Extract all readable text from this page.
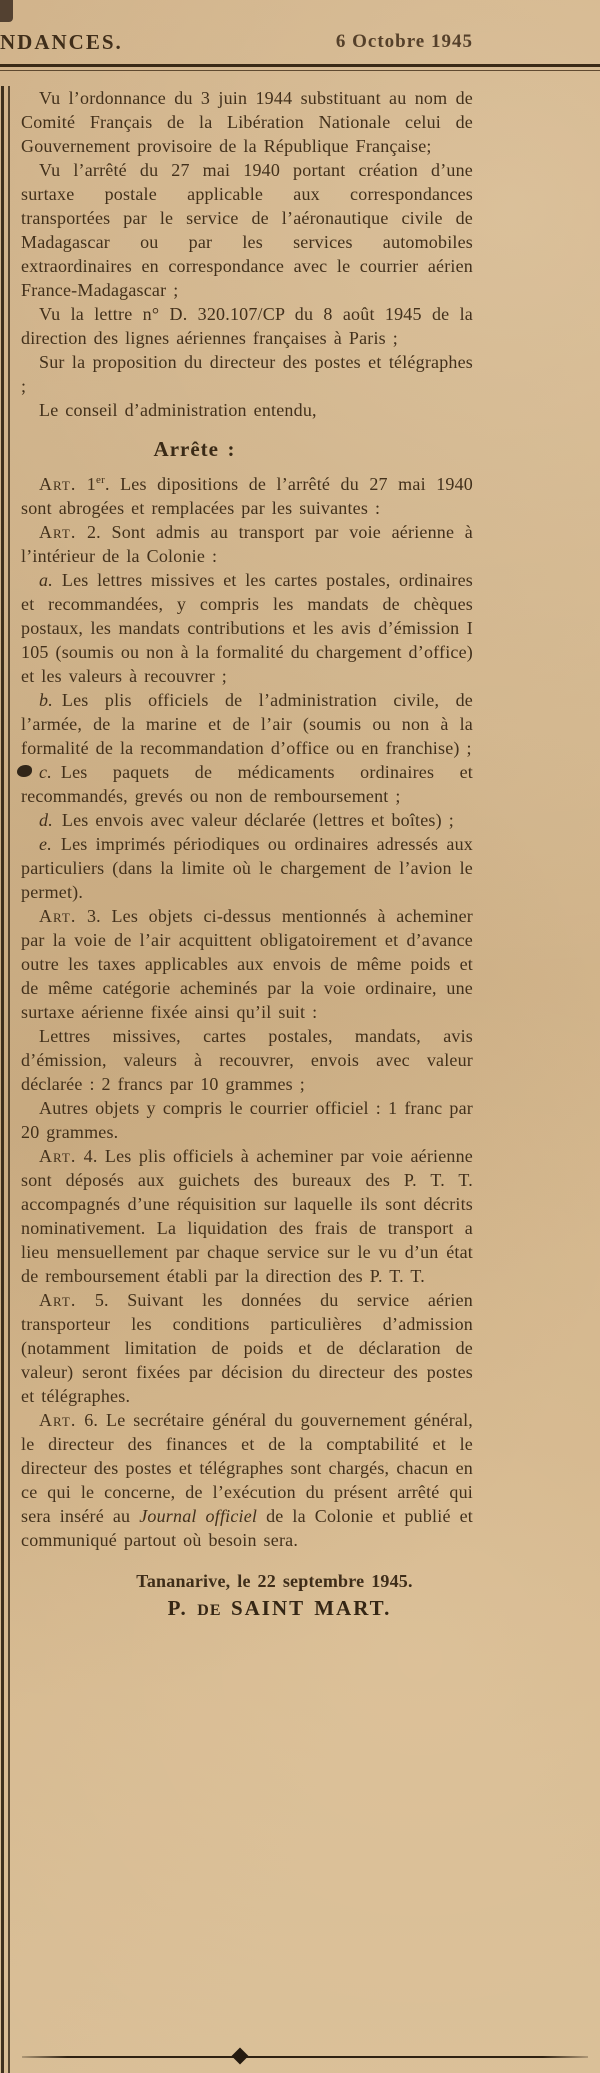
NDANCES.	6 Octobre 1945

Vu l’ordonnance du 3 juin 1944 substituant au nom de Comité Français de la Libération Nationale celui de Gouvernement provisoire de la République Française;

Vu l’arrêté du 27 mai 1940 portant création d’une surtaxe postale applicable aux correspondances transportées par le service de l’aéronautique civile de Madagascar ou par les services automobiles extraordinaires en correspondance avec le courrier aérien France-Madagascar ;

Vu la lettre n° D. 320.107/CP du 8 août 1945 de la direction des lignes aériennes françaises à Paris ;

Sur la proposition du directeur des postes et télégraphes ;

Le conseil d’administration entendu,

Arrête :

Art. 1er. Les dipositions de l’arrêté du 27 mai 1940 sont abrogées et remplacées par les suivantes :

Art. 2. Sont admis au transport par voie aérienne à l’intérieur de la Colonie :

a. Les lettres missives et les cartes postales, ordinaires et recommandées, y compris les mandats de chèques postaux, les mandats contributions et les avis d’émission I 105 (soumis ou non à la formalité du chargement d’office) et les valeurs à recouvrer ;

b. Les plis officiels de l’administration civile, de l’armée, de la marine et de l’air (soumis ou non à la formalité de la recommandation d’office ou en franchise) ;

c. Les paquets de médicaments ordinaires et recommandés, grevés ou non de remboursement ;

d. Les envois avec valeur déclarée (lettres et boîtes) ;

e. Les imprimés périodiques ou ordinaires adressés aux particuliers (dans la limite où le chargement de l’avion le permet).

Art. 3. Les objets ci-dessus mentionnés à acheminer par la voie de l’air acquittent obligatoirement et d’avance outre les taxes applicables aux envois de même poids et de même catégorie acheminés par la voie ordinaire, une surtaxe aérienne fixée ainsi qu’il suit :

Lettres missives, cartes postales, mandats, avis d’émission, valeurs à recouvrer, envois avec valeur déclarée : 2 francs par 10 grammes ;

Autres objets y compris le courrier officiel : 1 franc par 20 grammes.

Art. 4. Les plis officiels à acheminer par voie aérienne sont déposés aux guichets des bureaux des P. T. T. accompagnés d’une réquisition sur laquelle ils sont décrits nominativement. La liquidation des frais de transport a lieu mensuellement par chaque service sur le vu d’un état de remboursement établi par la direction des P. T. T.

Art. 5. Suivant les données du service aérien transporteur les conditions particulières d’admission (notamment limitation de poids et de déclaration de valeur) seront fixées par décision du directeur des postes et télégraphes.

Art. 6. Le secrétaire général du gouvernement général, le directeur des finances et de la comptabilité et le directeur des postes et télégraphes sont chargés, chacun en ce qui le concerne, de l’exécution du présent arrêté qui sera inséré au Journal officiel de la Colonie et publié et communiqué partout où besoin sera.

Tananarive, le 22 septembre 1945.

P. DE SAINT MART.
